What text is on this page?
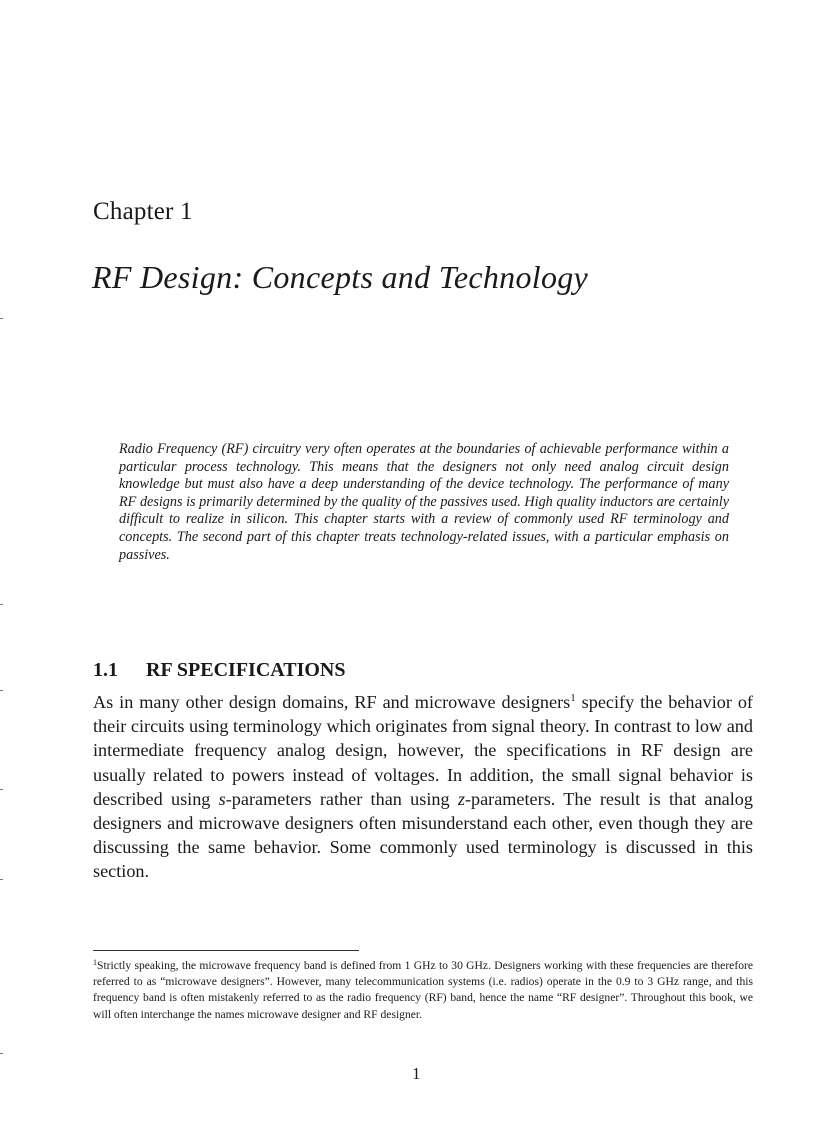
Chapter 1
RF Design: Concepts and Technology

Radio Frequency (RF) circuitry very often operates at the boundaries of achievable performance within a particular process technology. This means that the designers not only need analog circuit design knowledge but must also have a deep understanding of the device technology. The performance of many RF designs is primarily determined by the quality of the passives used. High quality inductors are certainly difficult to realize in silicon. This chapter starts with a review of commonly used RF terminology and concepts. The second part of this chapter treats technology-related issues, with a particular emphasis on passives.

1.1 RF SPECIFICATIONS

As in many other design domains, RF and microwave designers$^1$ specify the behavior of their circuits using terminology which originates from signal theory. In contrast to low and intermediate frequency analog design, however, the specifications in RF design are usually related to powers instead of voltages. In addition, the small signal behavior is described using s-parameters rather than using z-parameters. The result is that analog designers and microwave designers often misunderstand each other, even though they are discussing the same behavior. Some commonly used terminology is discussed in this section.

$^1$Strictly speaking, the microwave frequency band is defined from 1 GHz to 30 GHz. Designers working with these frequencies are therefore referred to as “microwave designers”. However, many telecommunication systems (i.e. radios) operate in the 0.9 to 3 GHz range, and this frequency band is often mistakenly referred to as the radio frequency (RF) band, hence the name “RF designer”. Throughout this book, we will often interchange the names microwave designer and RF designer.

1
